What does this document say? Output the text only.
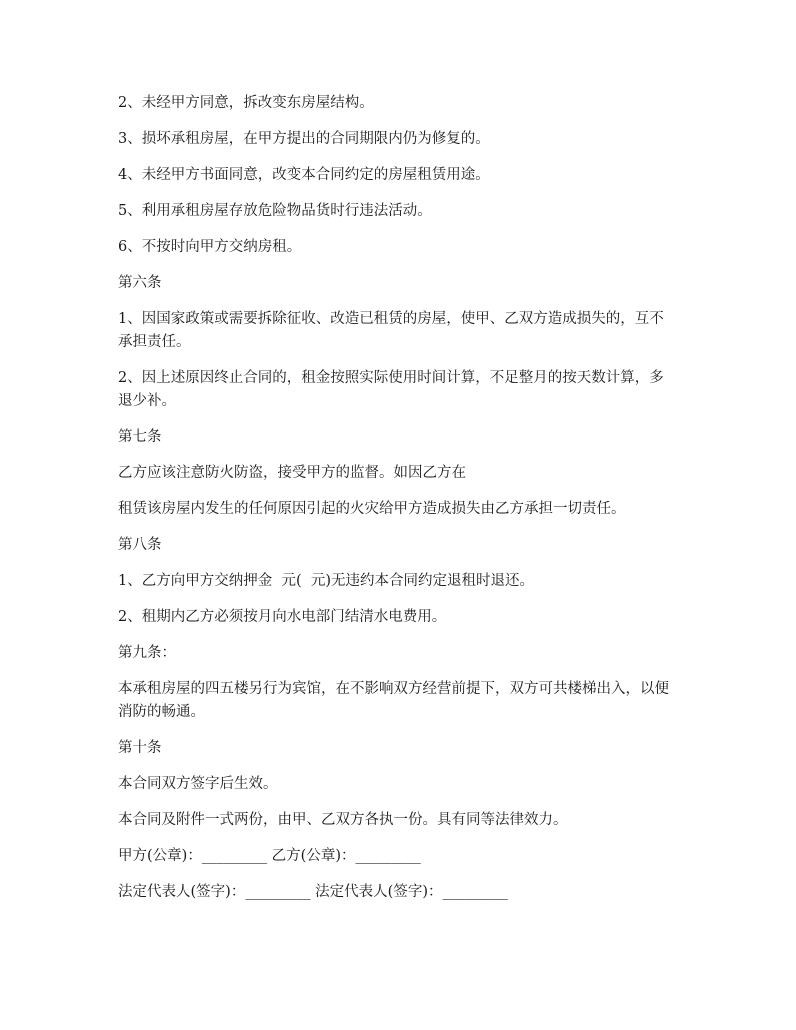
2、未经甲方同意，拆改变东房屋结构。

3、损坏承租房屋，在甲方提出的合同期限内仍为修复的。

4、未经甲方书面同意，改变本合同约定的房屋租赁用途。

5、利用承租房屋存放危险物品货时行违法活动。

6、不按时向甲方交纳房租。

第六条

1、因国家政策或需要拆除征收、改造已租赁的房屋，使甲、乙双方造成损失的，互不承担责任。

2、因上述原因终止合同的，租金按照实际使用时间计算，不足整月的按天数计算，多退少补。

第七条

乙方应该注意防火防盗，接受甲方的监督。如因乙方在

租赁该房屋内发生的任何原因引起的火灾给甲方造成损失由乙方承担一切责任。

第八条

1、乙方向甲方交纳押金  元(  元)无违约本合同约定退租时退还。

2、租期内乙方必须按月向水电部门结清水电费用。

第九条：

本承租房屋的四五楼另行为宾馆，在不影响双方经营前提下，双方可共楼梯出入，以便消防的畅通。

第十条

本合同双方签字后生效。

本合同及附件一式两份，由甲、乙双方各执一份。具有同等法律效力。

甲方(公章)：_________ 乙方(公章)：_________

法定代表人(签字)：_________ 法定代表人(签字)：_________
